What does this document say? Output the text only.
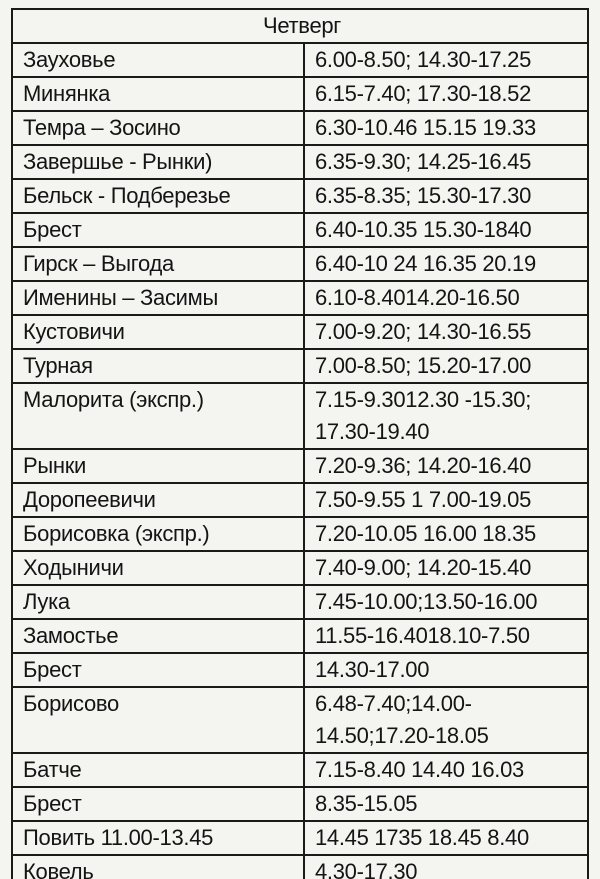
Четверг	
Зауховье	6.00-8.50; 14.30-17.25
Минянка	6.15-7.40; 17.30-18.52
Темра – Зосино	6.30-10.46 15.15 19.33
Завершье - Рынки)	6.35-9.30; 14.25-16.45
Бельск - Подберезье	6.35-8.35; 15.30-17.30
Брест	6.40-10.35 15.30-1840
Гирск – Выгода	6.40-10 24 16.35 20.19
Именины – Засимы	6.10-8.4014.20-16.50
Кустовичи	7.00-9.20; 14.30-16.55
Турная	7.00-8.50; 15.20-17.00
Малорита (экспр.)	7.15-9.3012.30 -15.30; 17.30-19.40
Рынки	7.20-9.36; 14.20-16.40
Доропеевичи	7.50-9.55 1 7.00-19.05
Борисовка (экспр.)	7.20-10.05 16.00 18.35
Ходыничи	7.40-9.00; 14.20-15.40
Лука	7.45-10.00;13.50-16.00
Замостье	11.55-16.4018.10-7.50
Брест	14.30-17.00
Борисово	6.48-7.40;14.00- 14.50;17.20-18.05
Батче	7.15-8.40 14.40 16.03
Брест	8.35-15.05
Повить 11.00-13.45	14.45 1735 18.45 8.40
Ковель	4.30-17.30
